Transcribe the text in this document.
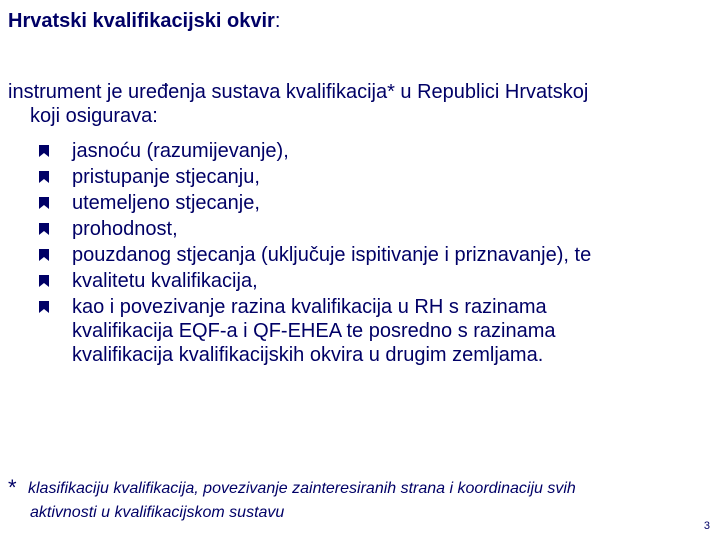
Hrvatski kvalifikacijski okvir:
instrument je uređenja sustava kvalifikacija* u Republici Hrvatskoj
koji osigurava:
jasnoću (razumijevanje),
pristupanje stjecanju,
utemeljeno stjecanje,
prohodnost,
pouzdanog stjecanja (uključuje ispitivanje i priznavanje), te
kvalitetu kvalifikacija,
kao i povezivanje razina kvalifikacija u RH s razinama
kvalifikacija EQF-a i QF-EHEA te posredno s razinama
kvalifikacija kvalifikacijskih okvira u drugim zemljama.
* klasifikaciju kvalifikacija, povezivanje zainteresiranih strana i koordinaciju svih
aktivnosti u kvalifikacijskom sustavu
3
